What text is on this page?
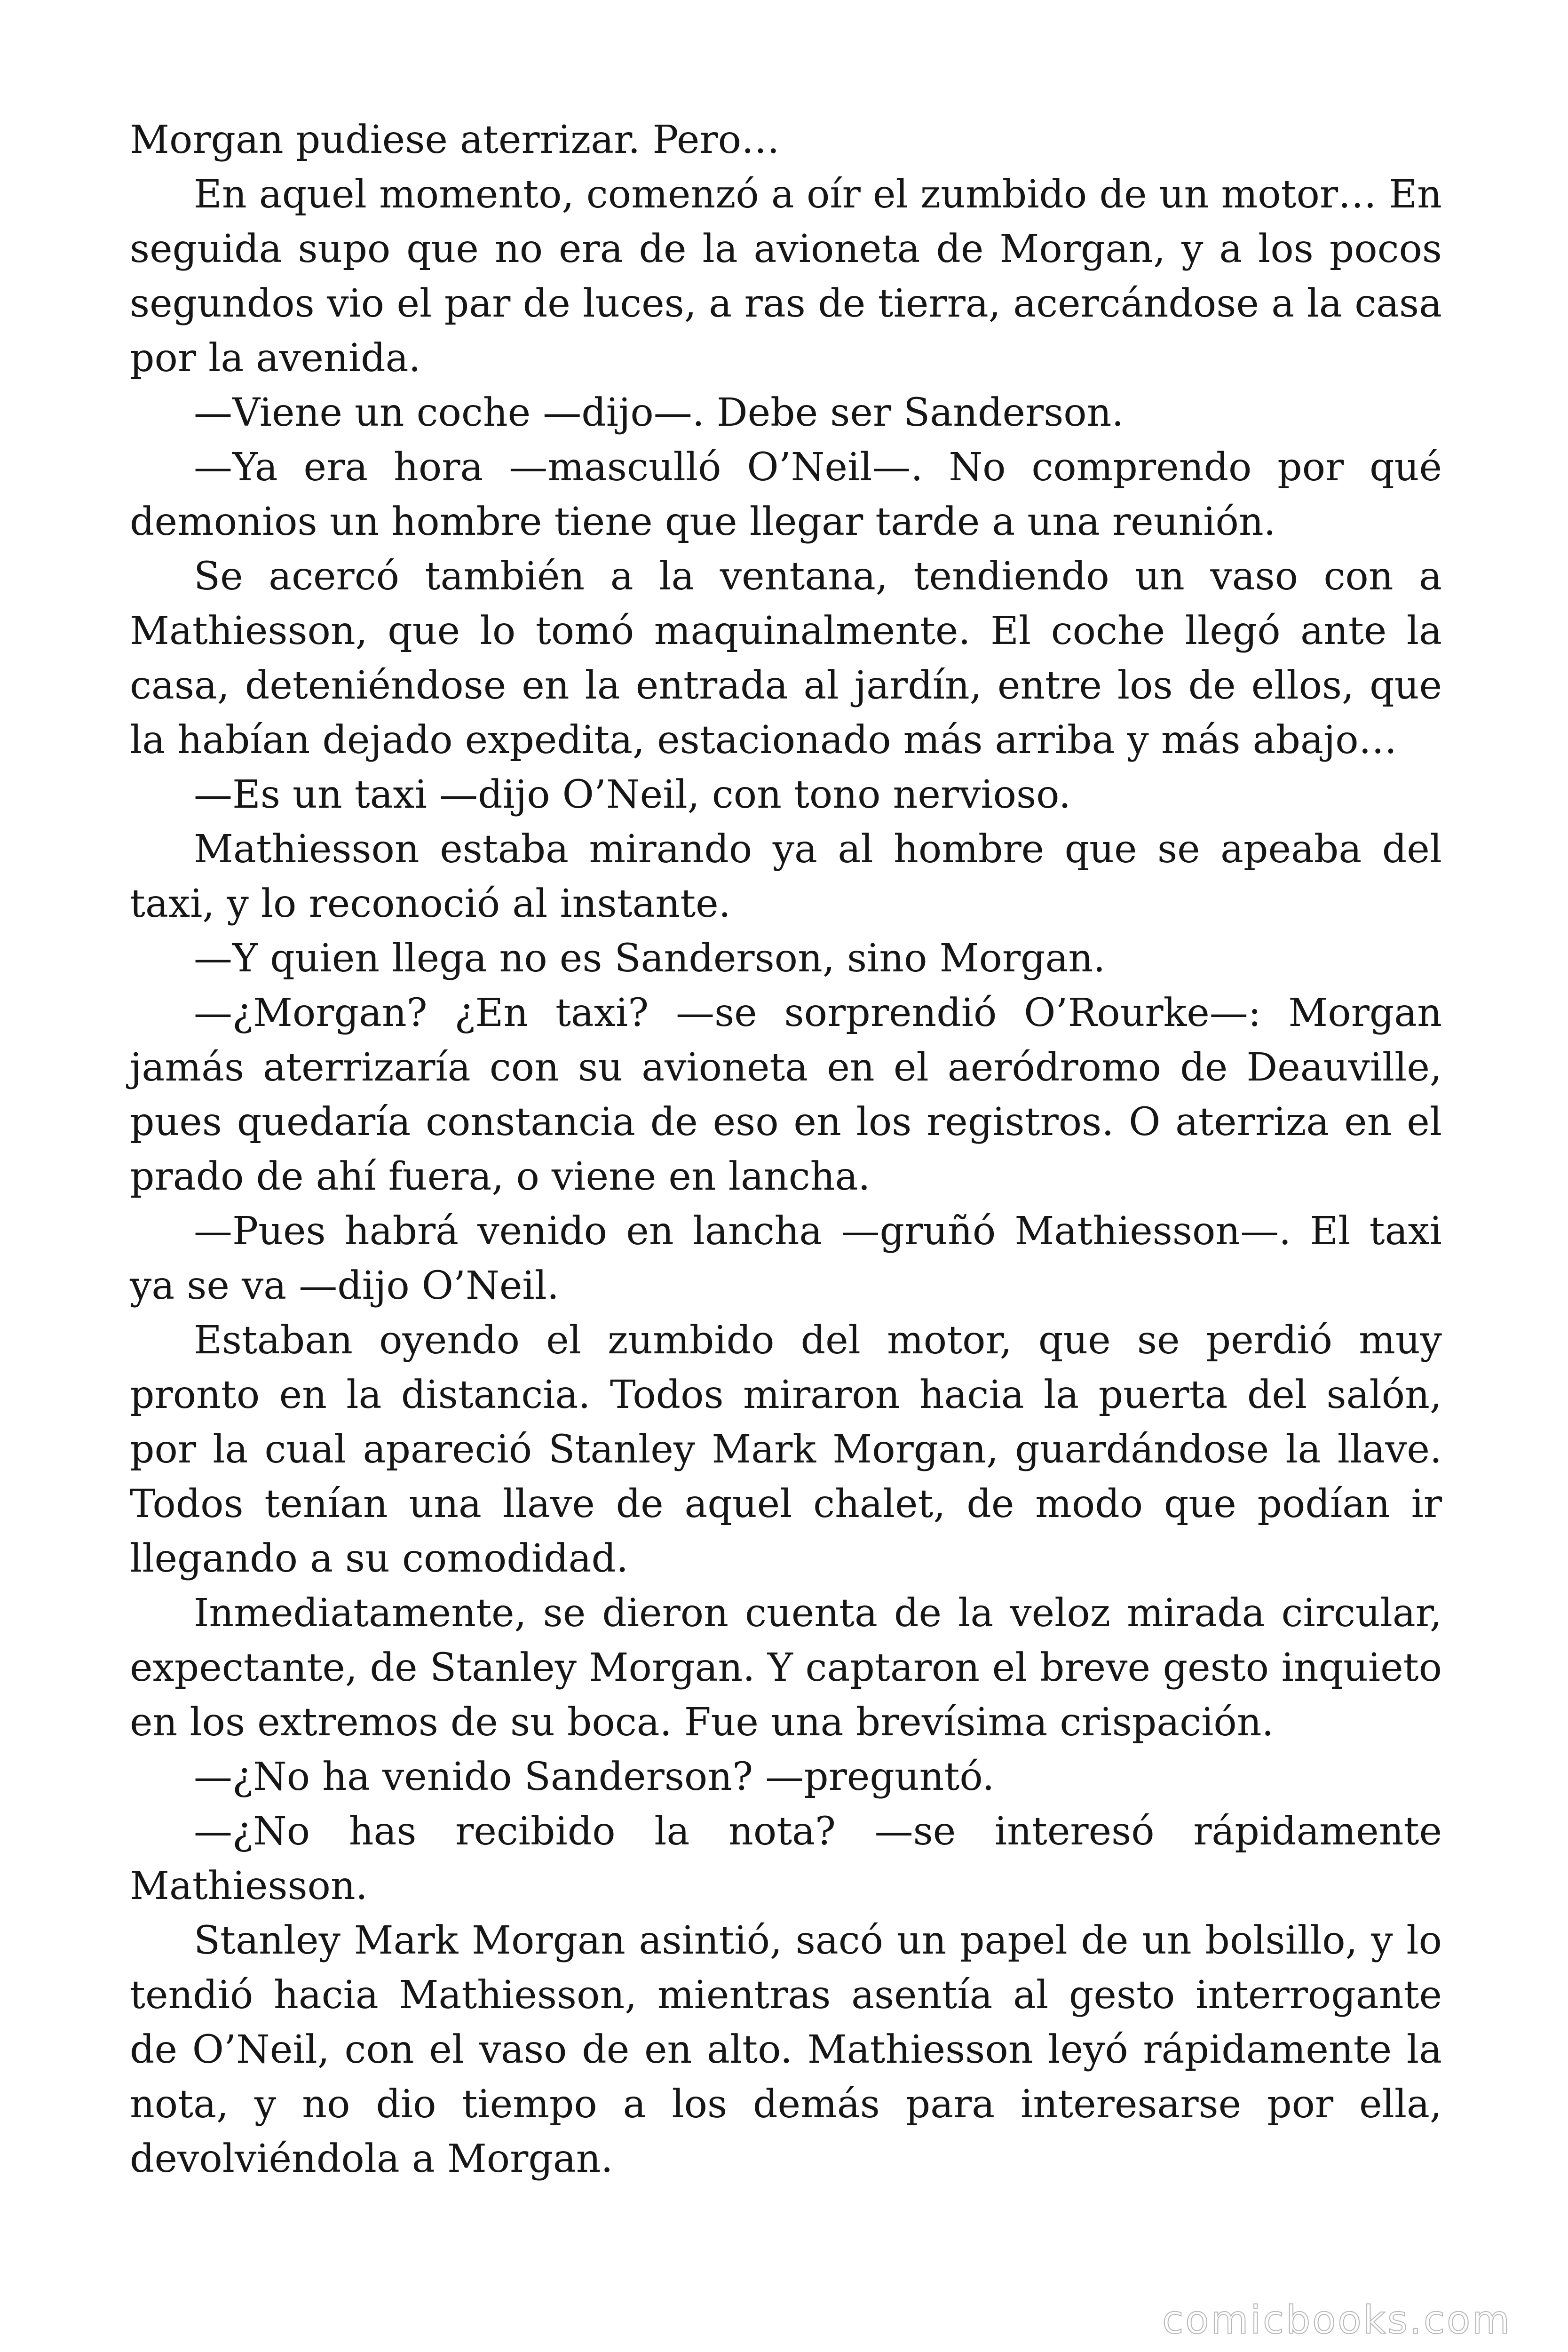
Morgan pudiese aterrizar. Pero…

En aquel momento, comenzó a oír el zumbido de un motor… En seguida supo que no era de la avioneta de Morgan, y a los pocos segundos vio el par de luces, a ras de tierra, acercándose a la casa por la avenida.

—Viene un coche —dijo—. Debe ser Sanderson.

—Ya era hora —masculló O’Neil—. No comprendo por qué demonios un hombre tiene que llegar tarde a una reunión.

Se acercó también a la ventana, tendiendo un vaso con a Mathiesson, que lo tomó maquinalmente. El coche llegó ante la casa, deteniéndose en la entrada al jardín, entre los de ellos, que la habían dejado expedita, estacionado más arriba y más abajo…

—Es un taxi —dijo O’Neil, con tono nervioso.

Mathiesson estaba mirando ya al hombre que se apeaba del taxi, y lo reconoció al instante.

—Y quien llega no es Sanderson, sino Morgan.

—¿Morgan? ¿En taxi? —se sorprendió O’Rourke—: Morgan jamás aterrizaría con su avioneta en el aeródromo de Deauville, pues quedaría constancia de eso en los registros. O aterriza en el prado de ahí fuera, o viene en lancha.

—Pues habrá venido en lancha —gruñó Mathiesson—. El taxi ya se va —dijo O’Neil.

Estaban oyendo el zumbido del motor, que se perdió muy pronto en la distancia. Todos miraron hacia la puerta del salón, por la cual apareció Stanley Mark Morgan, guardándose la llave. Todos tenían una llave de aquel chalet, de modo que podían ir llegando a su comodidad.

Inmediatamente, se dieron cuenta de la veloz mirada circular, expectante, de Stanley Morgan. Y captaron el breve gesto inquieto en los extremos de su boca. Fue una brevísima crispación.

—¿No ha venido Sanderson? —preguntó.

—¿No has recibido la nota? —se interesó rápidamente Mathiesson.

Stanley Mark Morgan asintió, sacó un papel de un bolsillo, y lo tendió hacia Mathiesson, mientras asentía al gesto interrogante de O’Neil, con el vaso de en alto. Mathiesson leyó rápidamente la nota, y no dio tiempo a los demás para interesarse por ella, devolviéndola a Morgan.

comicbooks.com
